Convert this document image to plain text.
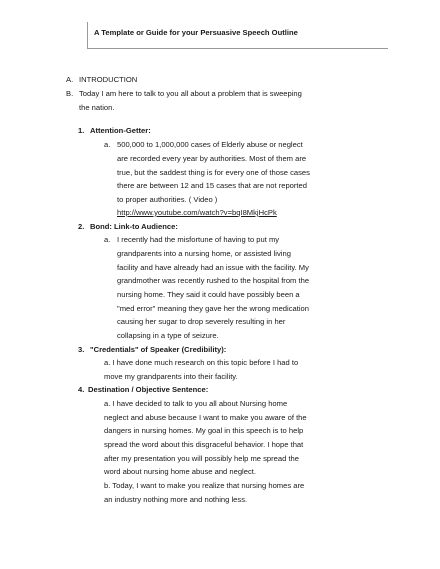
A Template or Guide for your Persuasive Speech Outline
A. INTRODUCTION
B. Today I am here to talk to you all about a problem that is sweeping
the nation.
1. Attention-Getter:
a. 500,000 to 1,000,000 cases of Elderly abuse or neglect
are recorded every year by authorities. Most of them are
true, but the saddest thing is for every one of those cases
there are between 12 and 15 cases that are not reported
to proper authorities. ( Video )
http://www.youtube.com/watch?v=bqI8MkjHcPk
2. Bond: Link-to Audience:
a. I recently had the misfortune of having to put my
grandparents into a nursing home, or assisted living
facility and have already had an issue with the facility. My
grandmother was recently rushed to the hospital from the
nursing home. They said it could have possibly been a
"med error" meaning they gave her the wrong medication
causing her sugar to drop severely resulting in her
collapsing in a type of seizure.
3. "Credentials" of Speaker (Credibility):
a. I have done much research on this topic before I had to
move my grandparents into their facility.
4. Destination / Objective Sentence:
a. I have decided to talk to you all about Nursing home
neglect and abuse because I want to make you aware of the
dangers in nursing homes. My goal in this speech is to help
spread the word about this disgraceful behavior. I hope that
after my presentation you will possibly help me spread the
word about nursing home abuse and neglect.
b. Today, I want to make you realize that nursing homes are
an industry nothing more and nothing less.
